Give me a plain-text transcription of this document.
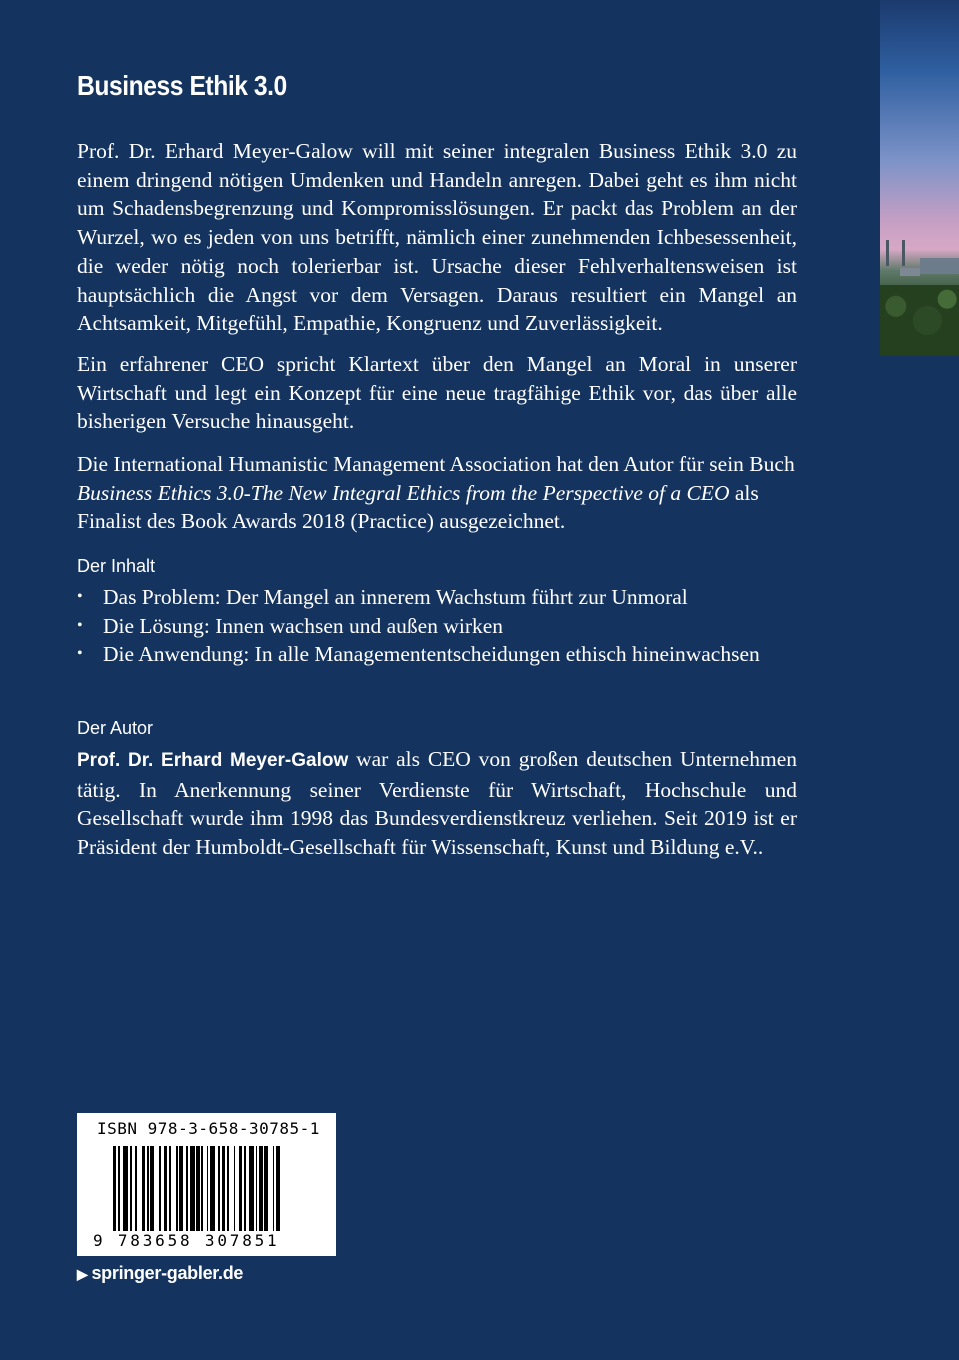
Business Ethik 3.0

Prof. Dr. Erhard Meyer-Galow will mit seiner integralen Business Ethik 3.0 zu einem dringend nötigen Umdenken und Handeln anregen. Dabei geht es ihm nicht um Schadensbegrenzung und Kompromisslösungen. Er packt das Problem an der Wurzel, wo es jeden von uns betrifft, nämlich einer zunehmenden Ichbesessenheit, die weder nötig noch tolerierbar ist. Ursache dieser Fehlverhaltensweisen ist hauptsächlich die Angst vor dem Versagen. Daraus resultiert ein Mangel an Achtsamkeit, Mitgefühl, Empathie, Kongruenz und Zuverlässigkeit.

Ein erfahrener CEO spricht Klartext über den Mangel an Moral in unserer Wirtschaft und legt ein Konzept für eine neue tragfähige Ethik vor, das über alle bisherigen Versuche hinausgeht.

Die International Humanistic Management Association hat den Autor für sein Buch Business Ethics 3.0-The New Integral Ethics from the Perspective of a CEO als Finalist des Book Awards 2018 (Practice) ausgezeichnet.

Der Inhalt
• Das Problem: Der Mangel an innerem Wachstum führt zur Unmoral
• Die Lösung: Innen wachsen und außen wirken
• Die Anwendung: In alle Managemententscheidungen ethisch hineinwachsen
Der Autor

Prof. Dr. Erhard Meyer-Galow war als CEO von großen deutschen Unternehmen tätig. In Anerkennung seiner Verdienste für Wirtschaft, Hochschule und Gesellschaft wurde ihm 1998 das Bundesverdienstkreuz verliehen. Seit 2019 ist er Präsident der Humboldt-Gesellschaft für Wissenschaft, Kunst und Bildung e.V..

ISBN 978-3-658-30785-1
9 783658 307851
▶ springer-gabler.de
